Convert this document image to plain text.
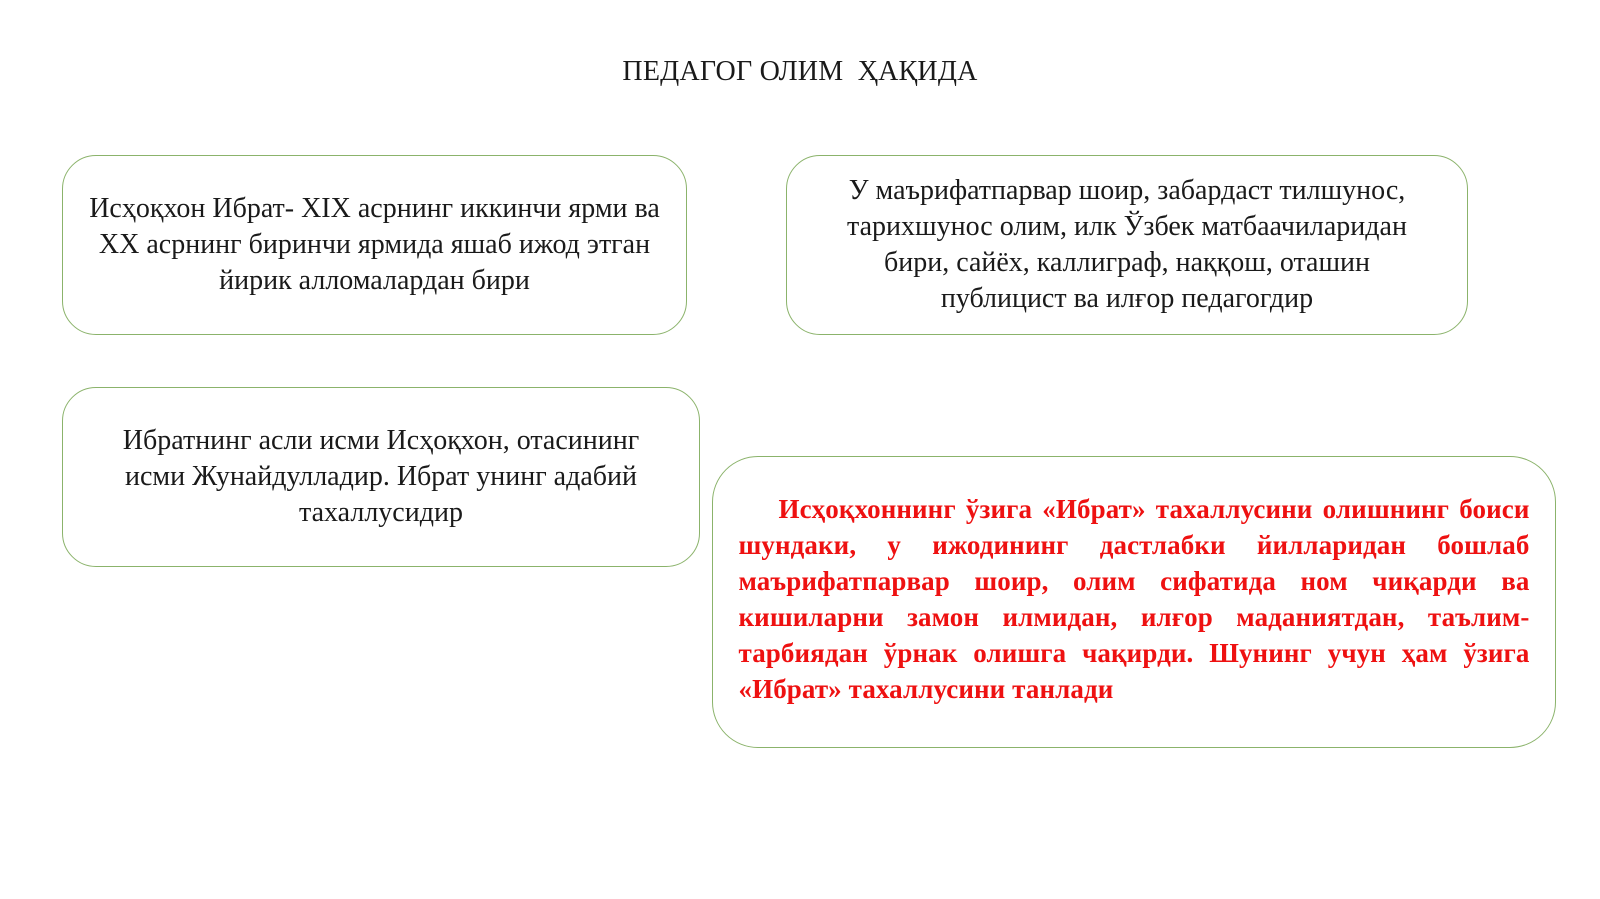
ПЕДАГОГ ОЛИМ  ҲАҚИДА
Исҳоқхон Ибрат- XIX асрнинг иккинчи ярми ва XX асрнинг биринчи ярмида яшаб ижод этган йирик алломалардан бири
У маърифатпарвар шоир, забардаст тилшунос, тарихшунос олим, илк Ўзбек матбаачиларидан бири, сайёх, каллиграф, наққош, оташин публицист ва илғор педагогдир
Ибратнинг асли исми Исҳоқхон, отасининг исми Жунайдулладир. Ибрат унинг адабий тахаллусидир	Исҳоқхоннинг ўзига «Ибрат» тахаллусини олишнинг боиси шундаки, у ижодининг дастлабки йилларидан бошлаб маърифатпарвар шоир, олим сифатида ном чиқарди ва кишиларни замон илмидан, илғор маданиятдан, таълим-тарбиядан ўрнак олишга чақирди. Шунинг учун ҳам ўзига «Ибрат» тахаллусини танлади
